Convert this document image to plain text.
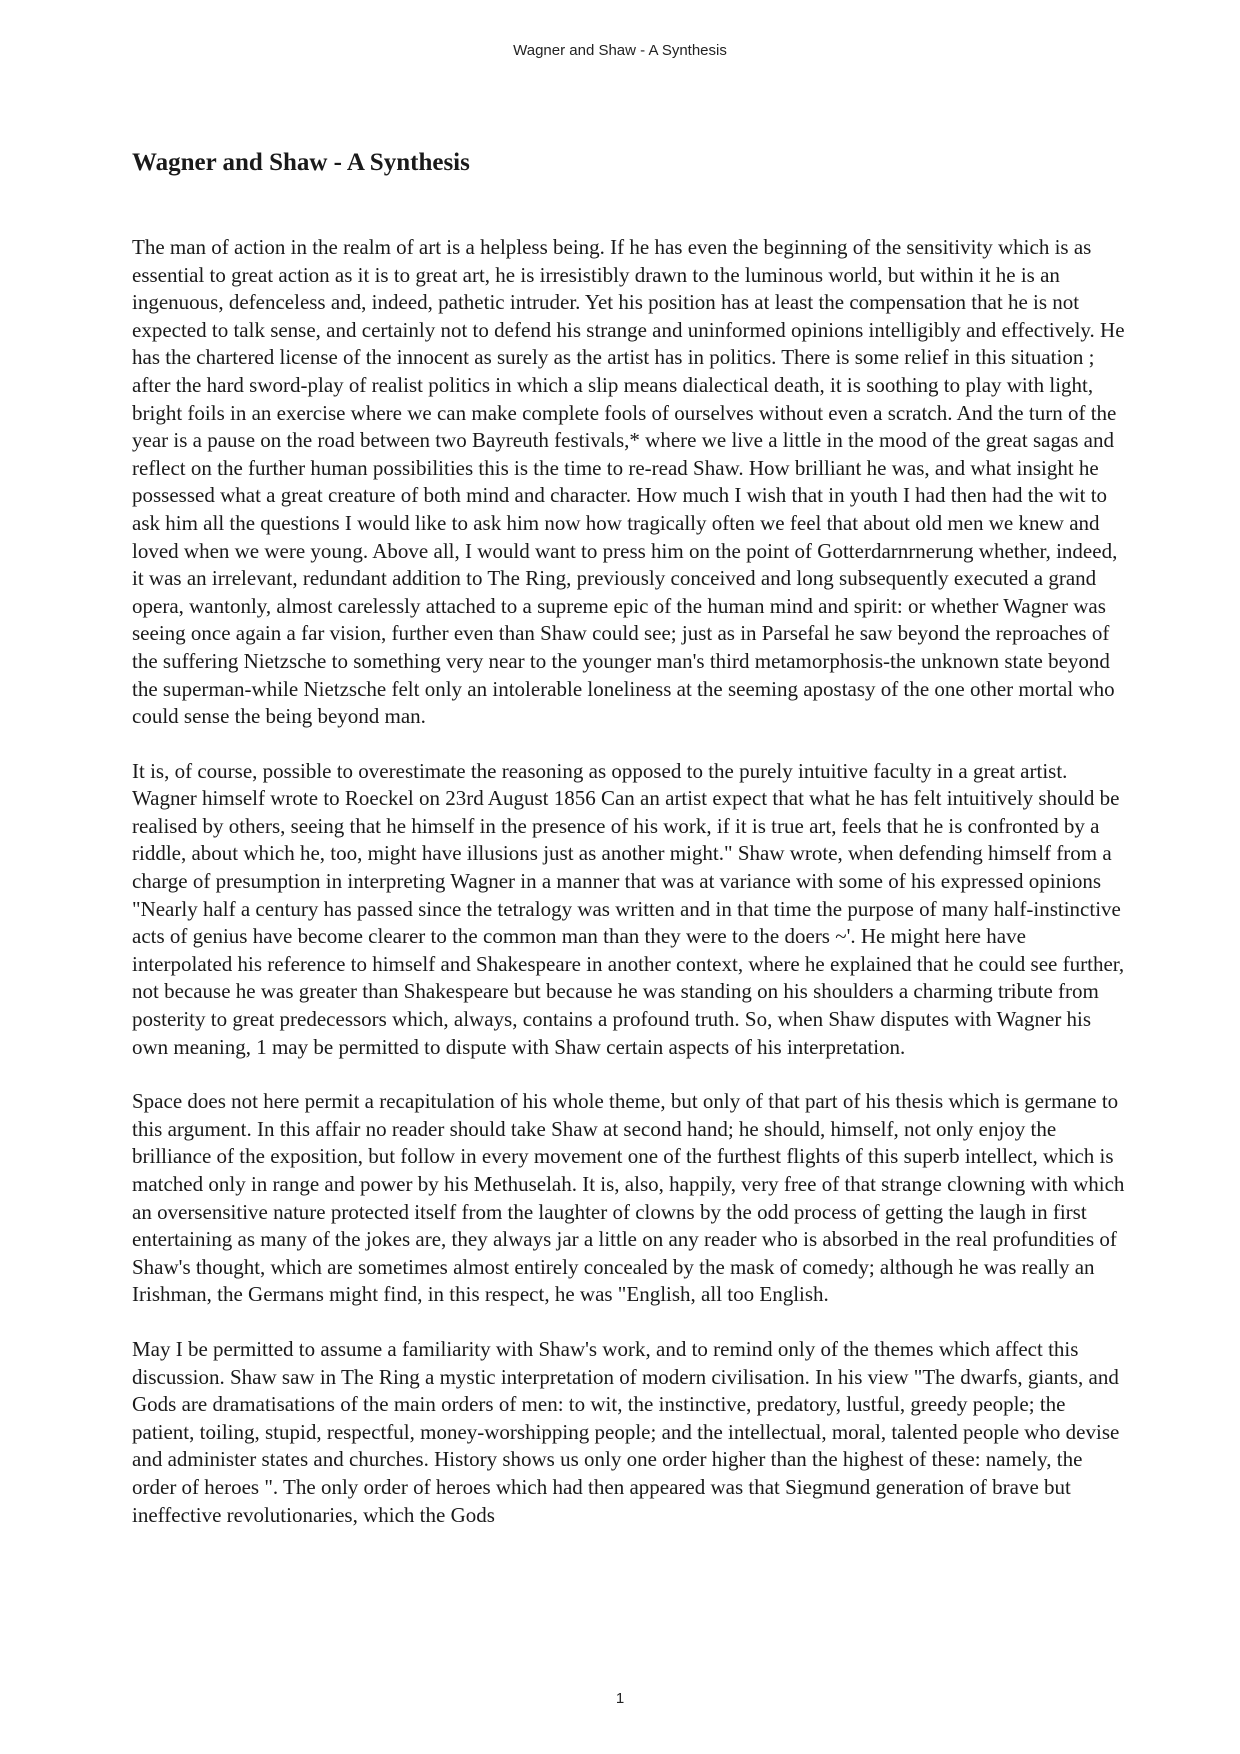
Wagner and Shaw - A Synthesis
Wagner and Shaw - A Synthesis

The man of action in the realm of art is a helpless being. If he has even the beginning of the sensitivity which is as essential to great action as it is to great art, he is irresistibly drawn to the luminous world, but within it he is an ingenuous, defenceless and, indeed, pathetic intruder. Yet his position has at least the compensation that he is not expected to talk sense, and certainly not to defend his strange and uninformed opinions intelligibly and effectively. He has the chartered license of the innocent as surely as the artist has in politics. There is some relief in this situation ; after the hard sword-play of realist politics in which a slip means dialectical death, it is soothing to play with light, bright foils in an exercise where we can make complete fools of ourselves without even a scratch. And the turn of the year is a pause on the road between two Bayreuth festivals,* where we live a little in the mood of the great sagas and reflect on the further human possibilities this is the time to re-read Shaw. How brilliant he was, and what insight he possessed what a great creature of both mind and character. How much I wish that in youth I had then had the wit to ask him all the questions I would like to ask him now how tragically often we feel that about old men we knew and loved when we were young. Above all, I would want to press him on the point of Gotterdarnrnerung whether, indeed, it was an irrelevant, redundant addition to The Ring, previously conceived and long subsequently executed a grand opera, wantonly, almost carelessly attached to a supreme epic of the human mind and spirit: or whether Wagner was seeing once again a far vision, further even than Shaw could see; just as in Parsefal he saw beyond the reproaches of the suffering Nietzsche to something very near to the younger man's third metamorphosis-the unknown state beyond the superman-while Nietzsche felt only an intolerable loneliness at the seeming apostasy of the one other mortal who could sense the being beyond man.

It is, of course, possible to overestimate the reasoning as opposed to the purely intuitive faculty in a great artist. Wagner himself wrote to Roeckel on 23rd August 1856 Can an artist expect that what he has felt intuitively should be realised by others, seeing that he himself in the presence of his work, if it is true art, feels that he is confronted by a riddle, about which he, too, might have illusions just as another might." Shaw wrote, when defending himself from a charge of presumption in interpreting Wagner in a manner that was at variance with some of his expressed opinions "Nearly half a century has passed since the tetralogy was written and in that time the purpose of many half-instinctive acts of genius have become clearer to the common man than they were to the doers ~'. He might here have interpolated his reference to himself and Shakespeare in another context, where he explained that he could see further, not because he was greater than Shakespeare but because he was standing on his shoulders a charming tribute from posterity to great predecessors which, always, contains a profound truth. So, when Shaw disputes with Wagner his own meaning, 1 may be permitted to dispute with Shaw certain aspects of his interpretation.

Space does not here permit a recapitulation of his whole theme, but only of that part of his thesis which is germane to this argument. In this affair no reader should take Shaw at second hand; he should, himself, not only enjoy the brilliance of the exposition, but follow in every movement one of the furthest flights of this superb intellect, which is matched only in range and power by his Methuselah. It is, also, happily, very free of that strange clowning with which an oversensitive nature protected itself from the laughter of clowns by the odd process of getting the laugh in first entertaining as many of the jokes are, they always jar a little on any reader who is absorbed in the real profundities of Shaw's thought, which are sometimes almost entirely concealed by the mask of comedy; although he was really an Irishman, the Germans might find, in this respect, he was "English, all too English.

May I be permitted to assume a familiarity with Shaw's work, and to remind only of the themes which affect this discussion. Shaw saw in The Ring a mystic interpretation of modern civilisation. In his view "The dwarfs, giants, and Gods are dramatisations of the main orders of men: to wit, the instinctive, predatory, lustful, greedy people; the patient, toiling, stupid, respectful, money-worshipping people; and the intellectual, moral, talented people who devise and administer states and churches. History shows us only one order higher than the highest of these: namely, the order of heroes ". The only order of heroes which had then appeared was that Siegmund generation of brave but ineffective revolutionaries, which the Gods

1
